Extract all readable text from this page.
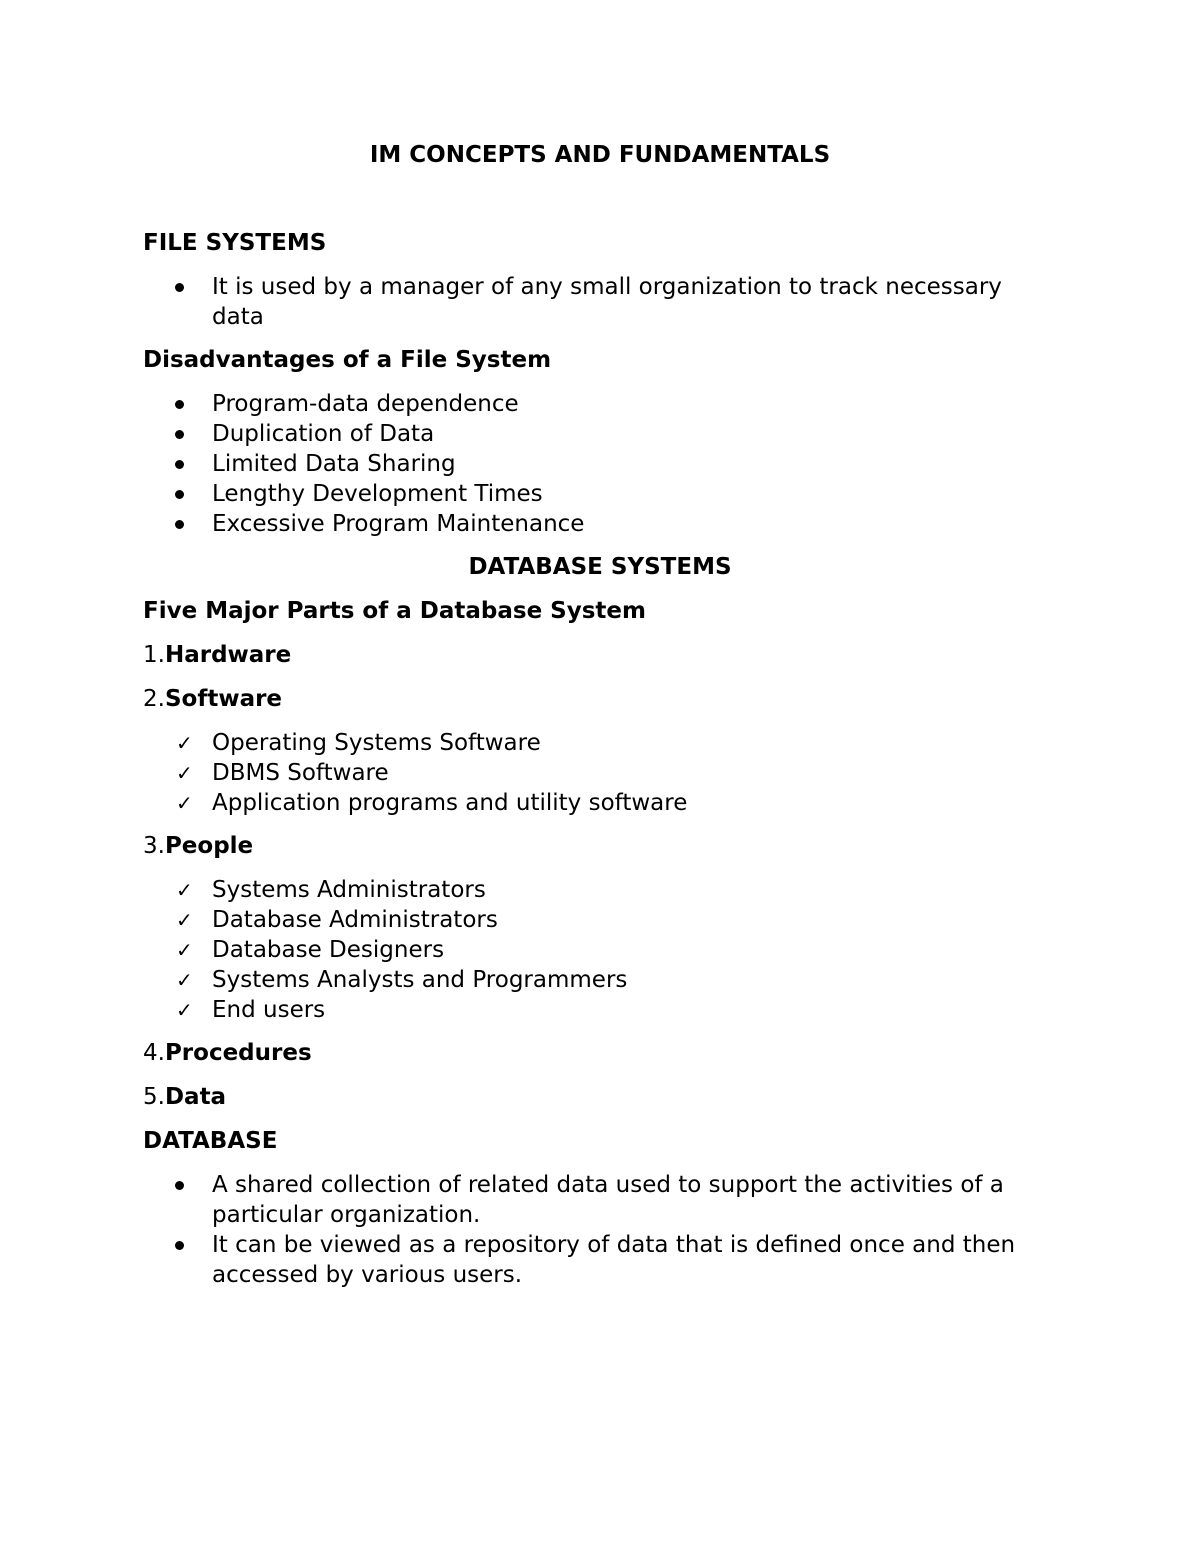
IM CONCEPTS AND FUNDAMENTALS
FILE SYSTEMS
It is used by a manager of any small organization to track necessary data
Disadvantages of a File System
Program-data dependence
Duplication of Data
Limited Data Sharing
Lengthy Development Times
Excessive Program Maintenance
DATABASE SYSTEMS
Five Major Parts of a Database System
1.Hardware
2.Software
✓ Operating Systems Software
✓ DBMS Software
✓ Application programs and utility software
3.People
✓ Systems Administrators
✓ Database Administrators
✓ Database Designers
✓ Systems Analysts and Programmers
✓ End users
4.Procedures
5.Data
DATABASE
A shared collection of related data used to support the activities of a particular organization.
It can be viewed as a repository of data that is defined once and then accessed by various users.
